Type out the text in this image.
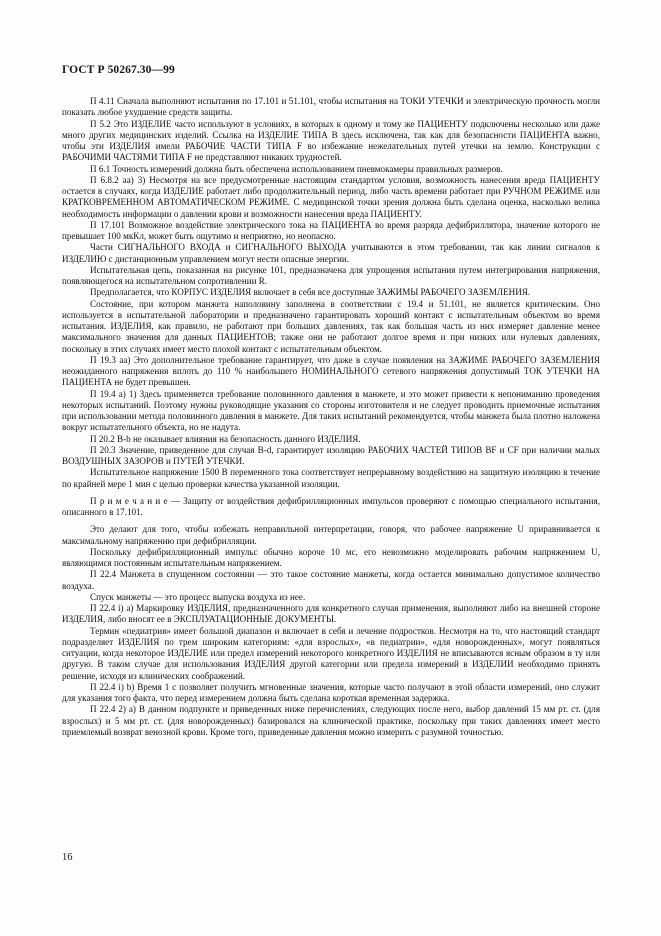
ГОСТ Р 50267.30—99

П 4.11 Сначала выполняют испытания по 17.101 и 51.101, чтобы испытания на ТОКИ УТЕЧКИ и электрическую прочность могли показать любое ухудшение средств защиты.

П 5.2 Это ИЗДЕЛИЕ часто используют в условиях, в которых к одному и тому же ПАЦИЕНТУ подключены несколько или даже много других медицинских изделий. Ссылка на ИЗДЕЛИЕ ТИПА В здесь исключена, так как для безопасности ПАЦИЕНТА важно, чтобы эти ИЗДЕЛИЯ имели РАБОЧИЕ ЧАСТИ ТИПА F во избежание нежелательных путей утечки на землю. Конструкции с РАБОЧИМИ ЧАСТЯМИ ТИПА F не представляют никаких трудностей.

П 6.1 Точность измерений должна быть обеспечена использованием пневмокамеры правильных размеров.

П 6.8.2 аа) 3) Несмотря на все предусмотренные настоящим стандартом условия, возможность нанесения вреда ПАЦИЕНТУ остается в случаях, когда ИЗДЕЛИЕ работает либо продолжительный период, либо часть времени работает при РУЧНОМ РЕЖИМЕ или КРАТКОВРЕМЕННОМ АВТОМАТИЧЕСКОМ РЕЖИМЕ. С медицинской точки зрения должна быть сделана оценка, насколько велика необходимость информации о давлении крови и возможности нанесения вреда ПАЦИЕНТУ.

П 17.101 Возможное воздействие электрического тока на ПАЦИЕНТА во время разряда дефибриллятора, значение которого не превышает 100 мкКл, может быть ощутимо и неприятно, но неопасно.

Части СИГНАЛЬНОГО ВХОДА и СИГНАЛЬНОГО ВЫХОДА учитываются в этом требовании, так как линии сигналов к ИЗДЕЛИЮ с дистанционным управлением могут нести опасные энергии.

Испытательная цепь, показанная на рисунке 101, предназначена для упрощения испытания путем интегрирования напряжения, появляющегося на испытательном сопротивлении R.

Предполагается, что КОРПУС ИЗДЕЛИЯ включает в себя все доступные ЗАЖИМЫ РАБОЧЕГО ЗАЗЕМЛЕНИЯ.

Состояние, при котором манжета наполовину заполнена в соответствии с 19.4 и 51.101, не является критическим. Оно используется в испытательной лаборатории и предназначено гарантировать хороший контакт с испытательным объектом во время испытания. ИЗДЕЛИЯ, как правило, не работают при больших давлениях, так как большая часть из них измеряет давление менее максимального значения для данных ПАЦИЕНТОВ; также они не работают долгое время и при низких или нулевых давлениях, поскольку в этих случаях имеет место плохой контакт с испытательным объектом.

П 19.3 аа) Это дополнительное требование гарантирует, что даже в случае появления на ЗАЖИМЕ РАБОЧЕГО ЗАЗЕМЛЕНИЯ неожиданного напряжения вплоть до 110 % наибольшего НОМИНАЛЬНОГО сетевого напряжения допустимый ТОК УТЕЧКИ НА ПАЦИЕНТА не будет превышен.

П 19.4 а) 1) Здесь применяется требование половинного давления в манжете, и это может привести к непониманию проведения некоторых испытаний. Поэтому нужны руководящие указания со стороны изготовителя и не следует проводить приемочные испытания при использовании метода половинного давления в манжете. Для таких испытаний рекомендуется, чтобы манжета была плотно наложена вокруг испытательного объекта, но не надута.

П 20.2 В-b не оказывает влияния на безопасность данного ИЗДЕЛИЯ.

П 20.3 Значение, приведенное для случая В-d, гарантирует изоляцию РАБОЧИХ ЧАСТЕЙ ТИПОВ BF и CF при наличии малых ВОЗДУШНЫХ ЗАЗОРОВ и ПУТЕЙ УТЕЧКИ.

Испытательное напряжение 1500 В переменного тока соответствует непрерывному воздействию на защитную изоляцию в течение по крайней мере 1 мин с целью проверки качества указанной изоляции.

П р и м е ч а н и е — Защиту от воздействия дефибрилляционных импульсов проверяют с помощью специального испытания, описанного в 17.101.

Это делают для того, чтобы избежать неправильной интерпретации, говоря, что рабочее напряжение U приравнивается к максимальному напряжению при дефибрилляции.

Поскольку дефибрилляционный импульс обычно короче 10 мс, его невозможно моделировать рабочим напряжением U, являющимся постоянным испытательным напряжением.

П 22.4 Манжета в спущенном состоянии — это такое состояние манжеты, когда остается минимально допустимое количество воздуха.

Спуск манжеты — это процесс выпуска воздуха из нее.

П 22.4 i) a) Маркировку ИЗДЕЛИЯ, предназначенного для конкретного случая применения, выполняют либо на внешней стороне ИЗДЕЛИЯ, либо вносят ее в ЭКСПЛУАТАЦИОННЫЕ ДОКУМЕНТЫ.

Термин «педиатрия» имеет большой диапазон и включает в себя и лечение подростков. Несмотря на то, что настоящий стандарт подразделяет ИЗДЕЛИЯ по трем широким категориям: «для взрослых», «в педиатрии», «для новорожденных», могут появляться ситуации, когда некоторое ИЗДЕЛИЕ или предел измерений некоторого конкретного ИЗДЕЛИЯ не вписываются ясным образом в ту или другую. В таком случае для использования ИЗДЕЛИЯ другой категории или предела измерений в ИЗДЕЛИИ необходимо принять решение, исходя из клинических соображений.

П 22.4 i) b) Время 1 с позволяет получить мгновенные значения, которые часто получают в этой области измерений, оно служит для указания того факта, что перед измерением должна быть сделана короткая временная задержка.

П 22.4 2) а) В данном подпункте и приведенных ниже перечислениях, следующих после него, выбор давлений 15 мм рт. ст. (для взрослых) и 5 мм рт. ст. (для новорожденных) базировался на клинической практике, поскольку при таких давлениях имеет место приемлемый возврат венозной крови. Кроме того, приведенные давления можно измерить с разумной точностью.

16
